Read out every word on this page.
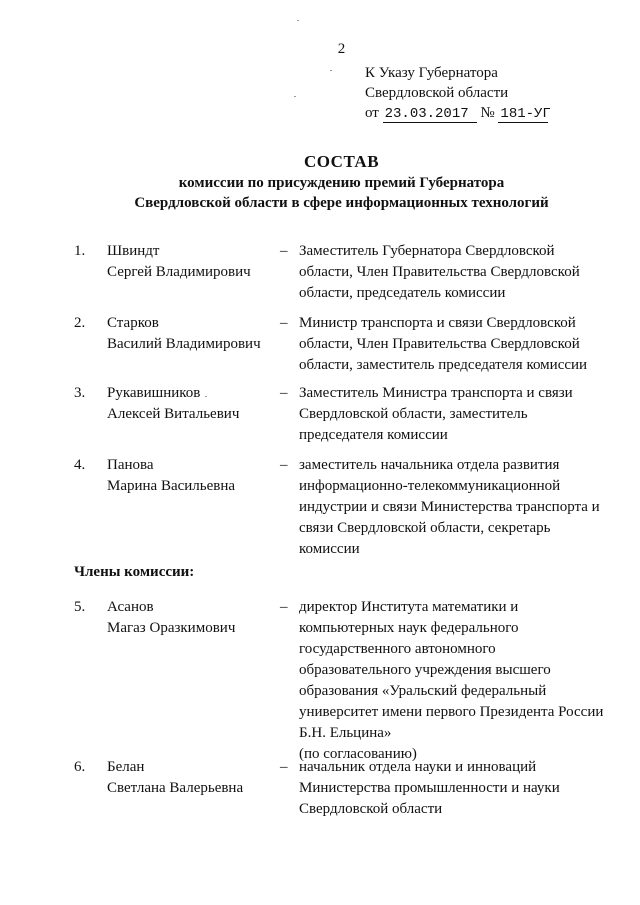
2
К Указу Губернатора
Свердловской области
от 23.03.2017 № 181-УГ
СОСТАВ
комиссии по присуждению премий Губернатора
Свердловской области в сфере информационных технологий
1. Швиндт
Сергей Владимирович
– Заместитель Губернатора Свердловской
области, Член Правительства Свердловской
области, председатель комиссии
2. Старков
Василий Владимирович
– Министр транспорта и связи Свердловской
области, Член Правительства Свердловской
области, заместитель председателя комиссии
3. Рукавишников
Алексей Витальевич
– Заместитель Министра транспорта и связи
Свердловской области, заместитель
председателя комиссии
4. Панова
Марина Васильевна
– заместитель начальника отдела развития
информационно-телекоммуникационной
индустрии и связи Министерства транспорта и
связи Свердловской области, секретарь
комиссии
Члены комиссии:
5. Асанов
Магаз Оразкимович
– директор Института математики и
компьютерных наук федерального
государственного автономного
образовательного учреждения высшего
образования «Уральский федеральный
университет имени первого Президента России
Б.Н. Ельцина»
(по согласованию)
6. Белан
Светлана Валерьевна
– начальник отдела науки и инноваций
Министерства промышленности и науки
Свердловской области
